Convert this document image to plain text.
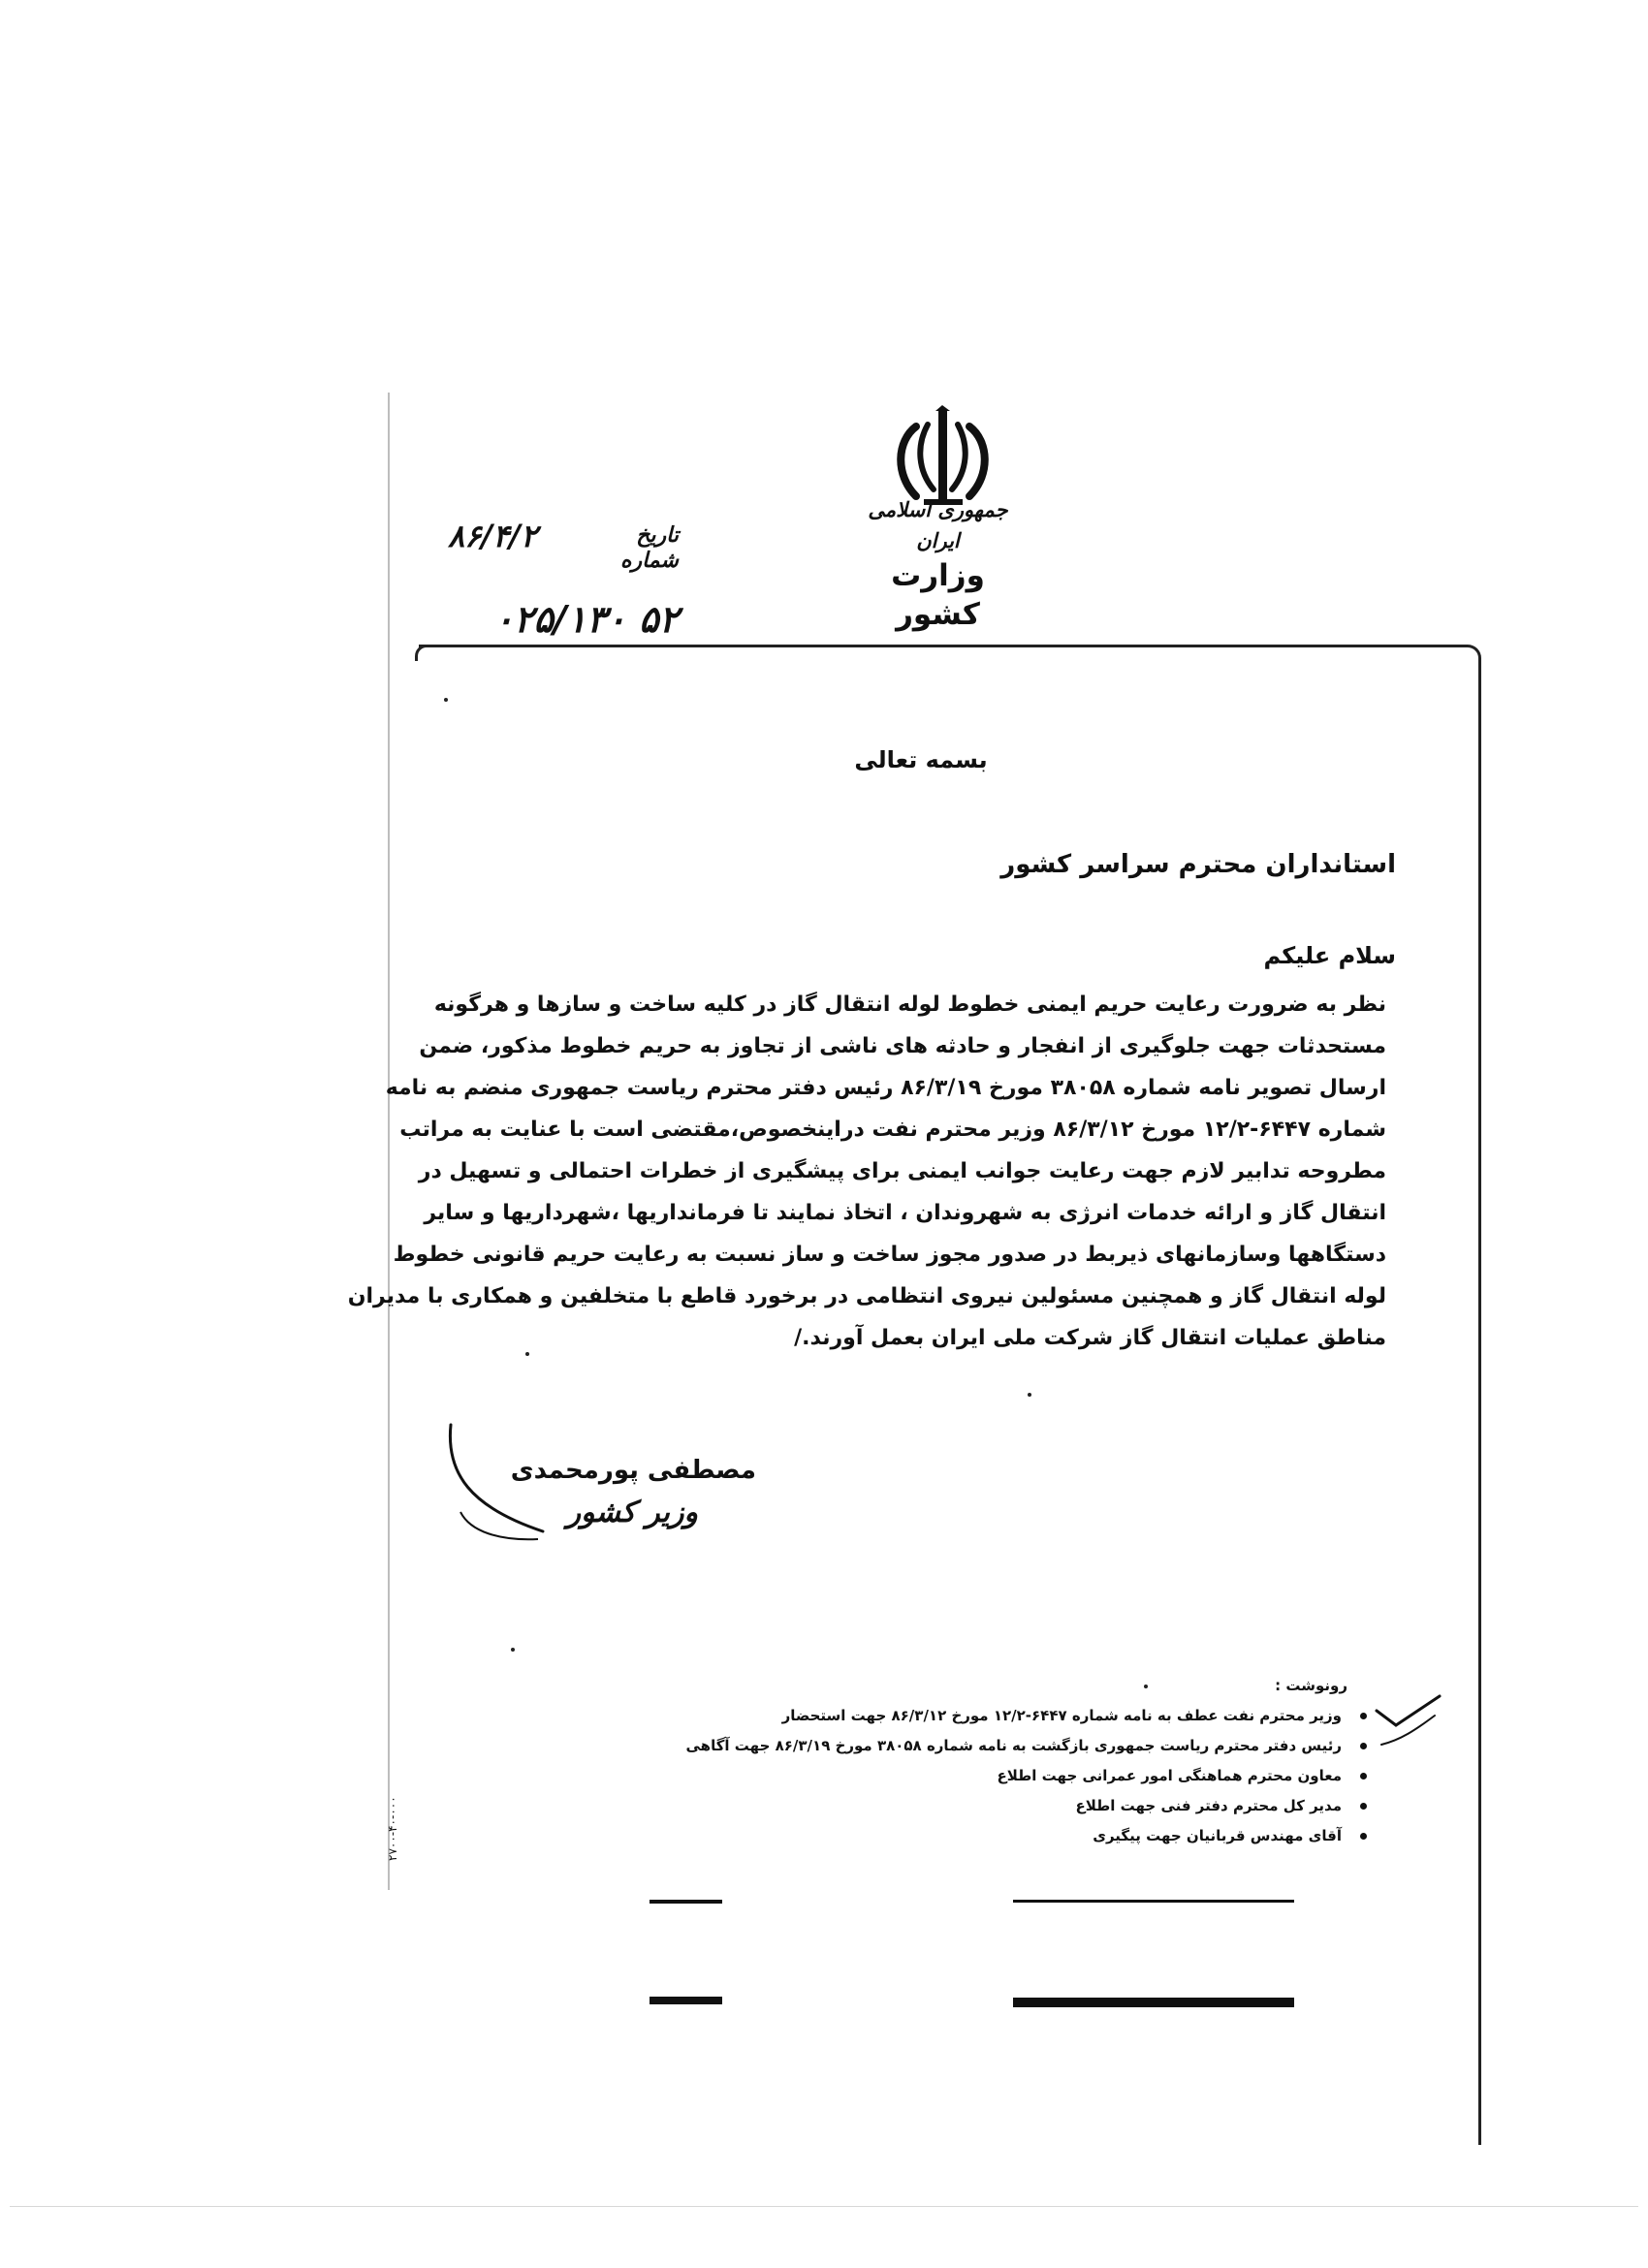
جمهوری اسلامی ایران
وزارت کشور
تاریخ
۸۶/۴/۲

شماره
۵۲ ۰۲۵/۱۳۰
بسمه تعالی
استانداران محترم سراسر کشور
سلام علیکم
نظر به ضرورت رعایت حریم ایمنی خطوط لوله انتقال گاز در کلیه ساخت و سازها و هرگونه
مستحدثات جهت جلوگیری از انفجار و حادثه های ناشی از تجاوز به حریم خطوط مذکور، ضمن
ارسال تصویر نامه شماره ۳۸۰۵۸ مورخ ۸۶/۳/۱۹ رئیس دفتر محترم ریاست جمهوری منضم به نامه
شماره ۶۴۴۷-۱۲/۲ مورخ ۸۶/۳/۱۲ وزیر محترم نفت دراینخصوص،مقتضی است با عنایت به مراتب
مطروحه تدابیر لازم جهت رعایت جوانب ایمنی برای پیشگیری از خطرات احتمالی و تسهیل در
انتقال گاز و ارائه خدمات انرژی به شهروندان ، اتخاذ نمایند تا فرمانداریها ،شهرداریها و سایر
دستگاهها وسازمانهای ذیربط در صدور مجوز ساخت و ساز نسبت به رعایت حریم قانونی خطوط
لوله انتقال گاز و همچنین مسئولین نیروی انتظامی در برخورد قاطع با متخلفین و همکاری با مدیران
مناطق عملیات انتقال گاز شرکت ملی ایران بعمل آورند./
مصطفی پورمحمدی
وزیر کشور
رونوشت :
وزیر محترم نفت عطف به نامه شماره ۶۴۴۷-۱۲/۲ مورخ ۸۶/۳/۱۲ جهت استحضار
رئیس دفتر محترم ریاست جمهوری بازگشت به نامه شماره ۳۸۰۵۸ مورخ ۸۶/۳/۱۹ جهت آگاهی
معاون محترم هماهنگی امور عمرانی جهت اطلاع
مدیر کل محترم دفتر فنی جهت اطلاع
آقای مهندس قربانیان جهت پیگیری
۲۷۰۰-۴۰-۰۰۰
